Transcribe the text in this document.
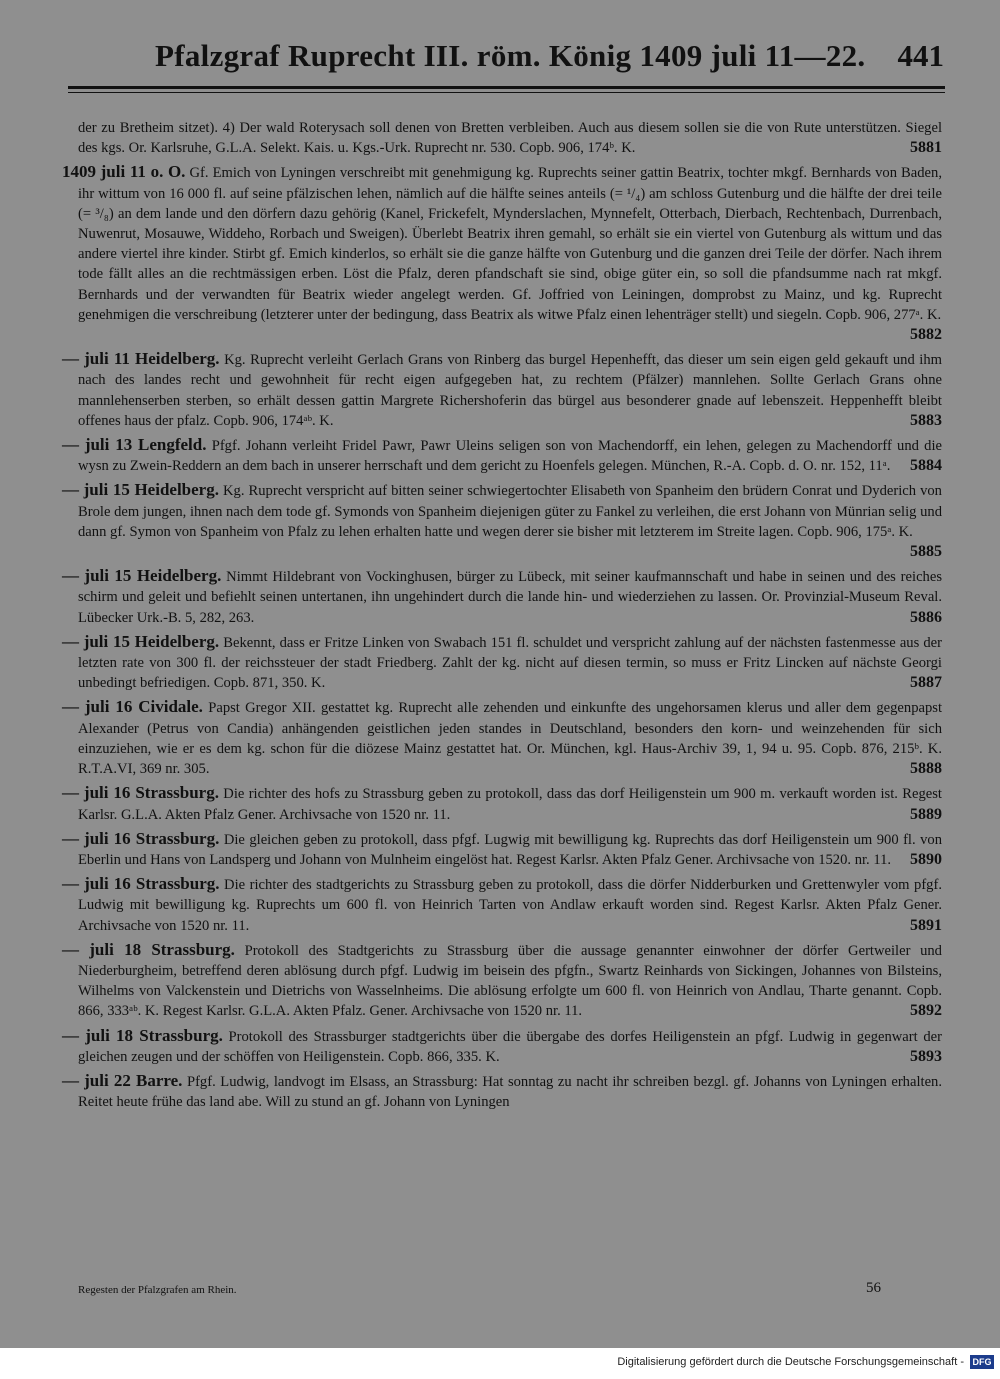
Pfalzgraf Ruprecht III. röm. König 1409 juli 11—22. 441
der zu Bretheim sitzet). 4) Der wald Roterysach soll denen von Bretten verbleiben. Auch aus diesem sollen sie die von Rute unterstützen. Siegel des kgs. Or. Karlsruhe, G.L.A. Selekt. Kais. u. Kgs.-Urk. Ruprecht nr. 530. Copb. 906, 174ᵇ. K.	5881
1409 juli 11 o. O. Gf. Emich von Lyningen verschreibt mit genehmigung kg. Ruprechts seiner gattin Beatrix, tochter mkgf. Bernhards von Baden, ihr wittum von 16 000 fl. auf seine pfälzischen lehen, nämlich auf die hälfte seines anteils (= ¹/₄) am schloss Gutenburg und die hälfte der drei teile (= ³/₈) an dem lande und den dörfern dazu gehörig (Kanel, Frickefelt, Mynderslachen, Mynnefelt, Otterbach, Dierbach, Rechtenbach, Durrenbach, Nuwenrut, Mosauwe, Widdeho, Rorbach und Sweigen). Überlebt Beatrix ihren gemahl, so erhält sie ein viertel von Gutenburg als wittum und das andere viertel ihre kinder. Stirbt gf. Emich kinderlos, so erhält sie die ganze hälfte von Gutenburg und die ganzen drei Teile der dörfer. Nach ihrem tode fällt alles an die rechtmässigen erben. Löst die Pfalz, deren pfandschaft sie sind, obige güter ein, so soll die pfandsumme nach rat mkgf. Bernhards und der verwandten für Beatrix wieder angelegt werden. Gf. Joffried von Leiningen, domprobst zu Mainz, und kg. Ruprecht genehmigen die verschreibung (letzterer unter der bedingung, dass Beatrix als witwe Pfalz einen lehenträger stellt) und siegeln. Copb. 906, 277ᵃ. K.
5882
— juli 11 Heidelberg. Kg. Ruprecht verleiht Gerlach Grans von Rinberg das burgel Hepenhefft, das dieser um sein eigen geld gekauft und ihm nach des landes recht und gewohnheit für recht eigen aufgegeben hat, zu rechtem (Pfälzer) mannlehen. Sollte Gerlach Grans ohne mannlehenserben sterben, so erhält dessen gattin Margrete Richershoferin das bürgel aus besonderer gnade auf lebenszeit. Heppenhefft bleibt offenes haus der pfalz. Copb. 906, 174ᵃᵇ. K.	5883
— juli 13 Lengfeld. Pfgf. Johann verleiht Fridel Pawr, Pawr Uleins seligen son von Machendorff, ein lehen, gelegen zu Machendorff und die wysn zu Zwein-Reddern an dem bach in unserer herrschaft und dem gericht zu Hoenfels gelegen. München, R.-A. Copb. d. O. nr. 152, 11ᵃ. 5884
— juli 15 Heidelberg. Kg. Ruprecht verspricht auf bitten seiner schwiegertochter Elisabeth von Spanheim den brüdern Conrat und Dyderich von Brole dem jungen, ihnen nach dem tode gf. Symonds von Spanheim diejenigen güter zu Fankel zu verleihen, die erst Johann von Münrian selig und dann gf. Symon von Spanheim von Pfalz zu lehen erhalten hatte und wegen derer sie bisher mit letzterem im Streite lagen. Copb. 906, 175ᵃ. K.
5885
— juli 15 Heidelberg. Nimmt Hildebrant von Vockinghusen, bürger zu Lübeck, mit seiner kaufmannschaft und habe in seinen und des reiches schirm und geleit und befiehlt seinen untertanen, ihn ungehindert durch die lande hin- und wiederziehen zu lassen. Or. Provinzial-Museum Reval. Lübecker Urk.-B. 5, 282, 263.	5886
— juli 15 Heidelberg. Bekennt, dass er Fritze Linken von Swabach 151 fl. schuldet und verspricht zahlung auf der nächsten fastenmesse aus der letzten rate von 300 fl. der reichssteuer der stadt Friedberg. Zahlt der kg. nicht auf diesen termin, so muss er Fritz Lincken auf nächste Georgi unbedingt befriedigen. Copb. 871, 350. K.	5887
— juli 16 Cividale. Papst Gregor XII. gestattet kg. Ruprecht alle zehenden und einkunfte des ungehorsamen klerus und aller dem gegenpapst Alexander (Petrus von Candia) anhängenden geistlichen jeden standes in Deutschland, besonders den korn- und weinzehenden für sich einzuziehen, wie er es dem kg. schon für die diözese Mainz gestattet hat. Or. München, kgl. Haus-Archiv 39, 1, 94 u. 95. Copb. 876, 215ᵇ. K. R.T.A.VI, 369 nr. 305.	5888
— juli 16 Strassburg. Die richter des hofs zu Strassburg geben zu protokoll, dass das dorf Heiligenstein um 900 m. verkauft worden ist. Regest Karlsr. G.L.A. Akten Pfalz Gener. Archivsache von 1520 nr. 11.	5889
— juli 16 Strassburg. Die gleichen geben zu protokoll, dass pfgf. Lugwig mit bewilligung kg. Ruprechts das dorf Heiligenstein um 900 fl. von Eberlin und Hans von Landsperg und Johann von Mulnheim eingelöst hat. Regest Karlsr. Akten Pfalz Gener. Archivsache von 1520. nr. 11. 5890
— juli 16 Strassburg. Die richter des stadtgerichts zu Strassburg geben zu protokoll, dass die dörfer Nidderburken und Grettenwyler vom pfgf. Ludwig mit bewilligung kg. Ruprechts um 600 fl. von Heinrich Tarten von Andlaw erkauft worden sind. Regest Karlsr. Akten Pfalz Gener. Archivsache von 1520 nr. 11.	5891
— juli 18 Strassburg. Protokoll des Stadtgerichts zu Strassburg über die aussage genannter einwohner der dörfer Gertweiler und Niederburgheim, betreffend deren ablösung durch pfgf. Ludwig im beisein des pfgfn., Swartz Reinhards von Sickingen, Johannes von Bilsteins, Wilhelms von Valckenstein und Dietrichs von Wasselnheims. Die ablösung erfolgte um 600 fl. von Heinrich von Andlau, Tharte genannt. Copb. 866, 333ᵃᵇ. K. Regest Karlsr. G.L.A. Akten Pfalz. Gener. Archivsache von 1520 nr. 11.	5892
— juli 18 Strassburg. Protokoll des Strassburger stadtgerichts über die übergabe des dorfes Heiligenstein an pfgf. Ludwig in gegenwart der gleichen zeugen und der schöffen von Heiligenstein. Copb. 866, 335. K.	5893
— juli 22 Barre. Pfgf. Ludwig, landvogt im Elsass, an Strassburg: Hat sonntag zu nacht ihr schreiben bezgl. gf. Johanns von Lyningen erhalten. Reitet heute frühe das land abe. Will zu stund an gf. Johann von Lyningen
Regesten der Pfalzgrafen am Rhein.	56
Digitalisierung gefördert durch die Deutsche Forschungsgemeinschaft - DFG
